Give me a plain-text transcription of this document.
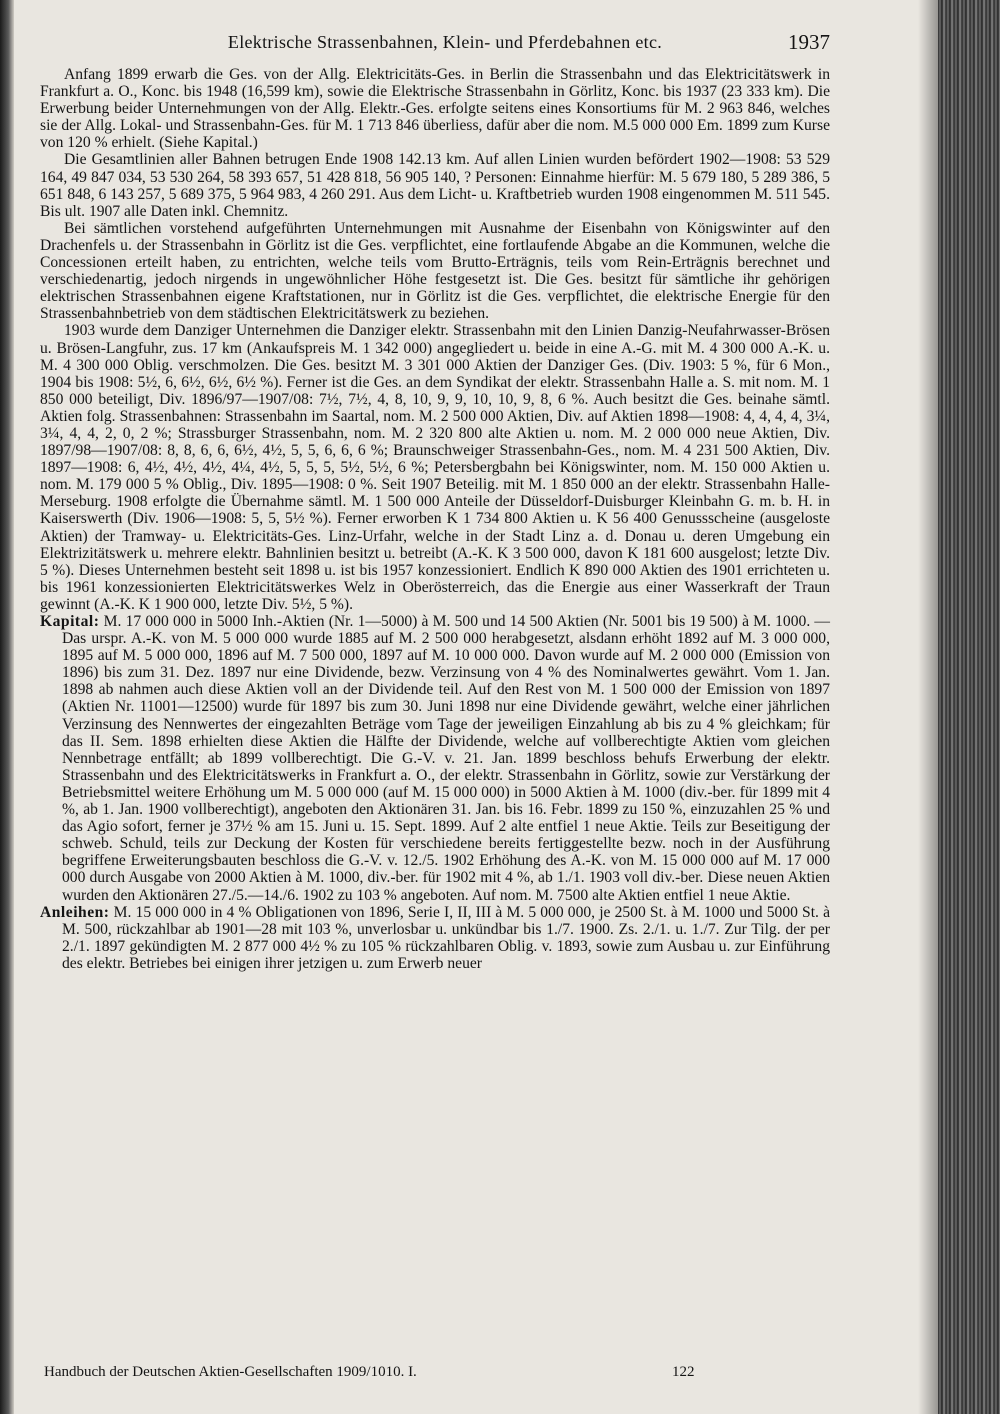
Elektrische Strassenbahnen, Klein- und Pferdebahnen etc.	1937

Anfang 1899 erwarb die Ges. von der Allg. Elektricitäts-Ges. in Berlin die Strassenbahn und das Elektricitätswerk in Frankfurt a. O., Konc. bis 1948 (16,599 km), sowie die Elektrische Strassenbahn in Görlitz, Konc. bis 1937 (23 333 km). Die Erwerbung beider Unternehmungen von der Allg. Elektr.-Ges. erfolgte seitens eines Konsortiums für M. 2 963 846, welches sie der Allg. Lokal- und Strassenbahn-Ges. für M. 1 713 846 überliess, dafür aber die nom. M.5 000 000 Em. 1899 zum Kurse von 120 % erhielt. (Siehe Kapital.)

Die Gesamtlinien aller Bahnen betrugen Ende 1908 142.13 km. Auf allen Linien wurden befördert 1902—1908: 53 529 164, 49 847 034, 53 530 264, 58 393 657, 51 428 818, 56 905 140, ? Personen: Einnahme hierfür: M. 5 679 180, 5 289 386, 5 651 848, 6 143 257, 5 689 375, 5 964 983, 4 260 291. Aus dem Licht- u. Kraftbetrieb wurden 1908 eingenommen M. 511 545. Bis ult. 1907 alle Daten inkl. Chemnitz.

Bei sämtlichen vorstehend aufgeführten Unternehmungen mit Ausnahme der Eisenbahn von Königswinter auf den Drachenfels u. der Strassenbahn in Görlitz ist die Ges. verpflichtet, eine fortlaufende Abgabe an die Kommunen, welche die Concessionen erteilt haben, zu entrichten, welche teils vom Brutto-Erträgnis, teils vom Rein-Erträgnis berechnet und verschiedenartig, jedoch nirgends in ungewöhnlicher Höhe festgesetzt ist. Die Ges. besitzt für sämtliche ihr gehörigen elektrischen Strassenbahnen eigene Kraftstationen, nur in Görlitz ist die Ges. verpflichtet, die elektrische Energie für den Strassenbahnbetrieb von dem städtischen Elektricitätswerk zu beziehen.

1903 wurde dem Danziger Unternehmen die Danziger elektr. Strassenbahn mit den Linien Danzig-Neufahrwasser-Brösen u. Brösen-Langfuhr, zus. 17 km (Ankaufspreis M. 1 342 000) angegliedert u. beide in eine A.-G. mit M. 4 300 000 A.-K. u. M. 4 300 000 Oblig. verschmolzen. Die Ges. besitzt M. 3 301 000 Aktien der Danziger Ges. (Div. 1903: 5 %, für 6 Mon., 1904 bis 1908: 5½, 6, 6½, 6½, 6½ %). Ferner ist die Ges. an dem Syndikat der elektr. Strassenbahn Halle a. S. mit nom. M. 1 850 000 beteiligt, Div. 1896/97—1907/08: 7½, 7½, 4, 8, 10, 9, 9, 10, 10, 9, 8, 6 %. Auch besitzt die Ges. beinahe sämtl. Aktien folg. Strassenbahnen: Strassenbahn im Saartal, nom. M. 2 500 000 Aktien, Div. auf Aktien 1898—1908: 4, 4, 4, 4, 3¼, 3¼, 4, 4, 2, 0, 2 %; Strassburger Strassenbahn, nom. M. 2 320 800 alte Aktien u. nom. M. 2 000 000 neue Aktien, Div. 1897/98—1907/08: 8, 8, 6, 6, 6½, 4½, 5, 5, 6, 6, 6 %; Braunschweiger Strassenbahn-Ges., nom. M. 4 231 500 Aktien, Div. 1897—1908: 6, 4½, 4½, 4½, 4¼, 4½, 5, 5, 5, 5½, 5½, 6 %; Petersbergbahn bei Königswinter, nom. M. 150 000 Aktien u. nom. M. 179 000 5 % Oblig., Div. 1895—1908: 0 %. Seit 1907 Beteilig. mit M. 1 850 000 an der elektr. Strassenbahn Halle-Merseburg. 1908 erfolgte die Übernahme sämtl. M. 1 500 000 Anteile der Düsseldorf-Duisburger Kleinbahn G. m. b. H. in Kaiserswerth (Div. 1906—1908: 5, 5, 5½ %). Ferner erworben K 1 734 800 Aktien u. K 56 400 Genussscheine (ausgeloste Aktien) der Tramway- u. Elektricitäts-Ges. Linz-Urfahr, welche in der Stadt Linz a. d. Donau u. deren Umgebung ein Elektrizitätswerk u. mehrere elektr. Bahnlinien besitzt u. betreibt (A.-K. K 3 500 000, davon K 181 600 ausgelost; letzte Div. 5 %). Dieses Unternehmen besteht seit 1898 u. ist bis 1957 konzessioniert. Endlich K 890 000 Aktien des 1901 errichteten u. bis 1961 konzessionierten Elektricitätswerkes Welz in Oberösterreich, das die Energie aus einer Wasserkraft der Traun gewinnt (A.-K. K 1 900 000, letzte Div. 5½, 5 %).

Kapital: M. 17 000 000 in 5000 Inh.-Aktien (Nr. 1—5000) à M. 500 und 14 500 Aktien (Nr. 5001 bis 19 500) à M. 1000. — Das urspr. A.-K. von M. 5 000 000 wurde 1885 auf M. 2 500 000 herabgesetzt, alsdann erhöht 1892 auf M. 3 000 000, 1895 auf M. 5 000 000, 1896 auf M. 7 500 000, 1897 auf M. 10 000 000. Davon wurde auf M. 2 000 000 (Emission von 1896) bis zum 31. Dez. 1897 nur eine Dividende, bezw. Verzinsung von 4 % des Nominalwertes gewährt. Vom 1. Jan. 1898 ab nahmen auch diese Aktien voll an der Dividende teil. Auf den Rest von M. 1 500 000 der Emission von 1897 (Aktien Nr. 11001—12500) wurde für 1897 bis zum 30. Juni 1898 nur eine Dividende gewährt, welche einer jährlichen Verzinsung des Nennwertes der eingezahlten Beträge vom Tage der jeweiligen Einzahlung ab bis zu 4 % gleichkam; für das II. Sem. 1898 erhielten diese Aktien die Hälfte der Dividende, welche auf vollberechtigte Aktien vom gleichen Nennbetrage entfällt; ab 1899 vollberechtigt. Die G.-V. v. 21. Jan. 1899 beschloss behufs Erwerbung der elektr. Strassenbahn und des Elektricitätswerks in Frankfurt a. O., der elektr. Strassenbahn in Görlitz, sowie zur Verstärkung der Betriebsmittel weitere Erhöhung um M. 5 000 000 (auf M. 15 000 000) in 5000 Aktien à M. 1000 (div.-ber. für 1899 mit 4 %, ab 1. Jan. 1900 vollberechtigt), angeboten den Aktionären 31. Jan. bis 16. Febr. 1899 zu 150 %, einzuzahlen 25 % und das Agio sofort, ferner je 37½ % am 15. Juni u. 15. Sept. 1899. Auf 2 alte entfiel 1 neue Aktie. Teils zur Beseitigung der schweb. Schuld, teils zur Deckung der Kosten für verschiedene bereits fertiggestellte bezw. noch in der Ausführung begriffene Erweiterungsbauten beschloss die G.-V. v. 12./5. 1902 Erhöhung des A.-K. von M. 15 000 000 auf M. 17 000 000 durch Ausgabe von 2000 Aktien à M. 1000, div.-ber. für 1902 mit 4 %, ab 1./1. 1903 voll div.-ber. Diese neuen Aktien wurden den Aktionären 27./5.—14./6. 1902 zu 103 % angeboten. Auf nom. M. 7500 alte Aktien entfiel 1 neue Aktie.

Anleihen: M. 15 000 000 in 4 % Obligationen von 1896, Serie I, II, III à M. 5 000 000, je 2500 St. à M. 1000 und 5000 St. à M. 500, rückzahlbar ab 1901—28 mit 103 %, unverlosbar u. unkündbar bis 1./7. 1900. Zs. 2./1. u. 1./7. Zur Tilg. der per 2./1. 1897 gekündigten M. 2 877 000 4½ % zu 105 % rückzahlbaren Oblig. v. 1893, sowie zum Ausbau u. zur Einführung des elektr. Betriebes bei einigen ihrer jetzigen u. zum Erwerb neuer

Handbuch der Deutschen Aktien-Gesellschaften 1909/1010. I.	122
